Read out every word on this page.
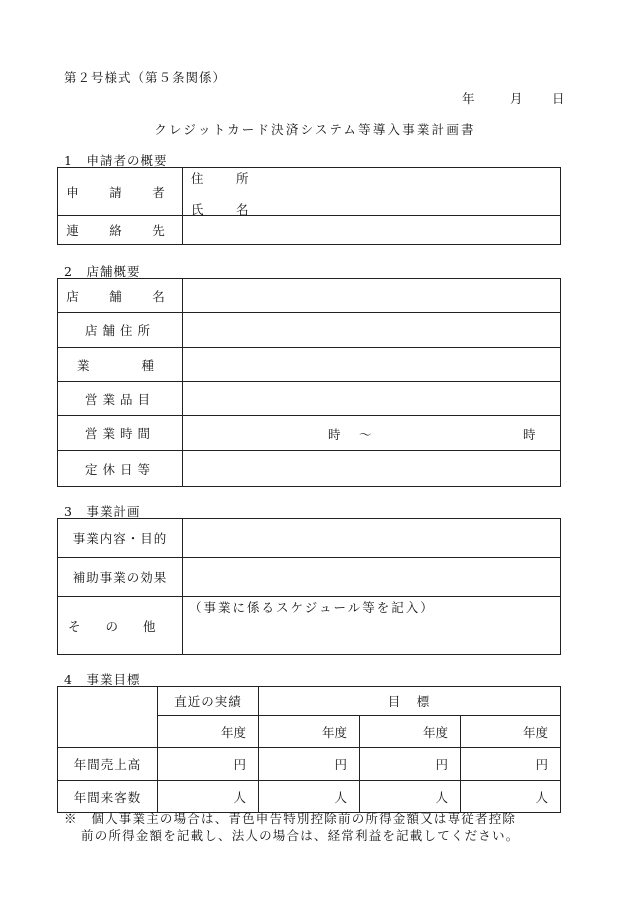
第２号様式（第５条関係）
年	月 日
クレジットカード決済システム等導入事業計画書
1　申請者の概要
申　請　者	住　所
氏　名

連　絡　先	
2　店舗概要
店　舗　名	
店舗住所	
業　　種	
営業品目	
営業時間	時　～ 時

定休日等	
3　事業計画
事業内容・目的	
補助事業の効果	
そ　　の　　他	（事業に係るスケジュール等を記入）
4　事業目標
	直近の実績	目　標		
	年度	年度	年度	年度
年間売上高	円	円	円	円
年間来客数	人	人	人	人
※　個人事業主の場合は、青色申告特別控除前の所得金額又は専従者控除
前の所得金額を記載し、法人の場合は、経常利益を記載してください。
